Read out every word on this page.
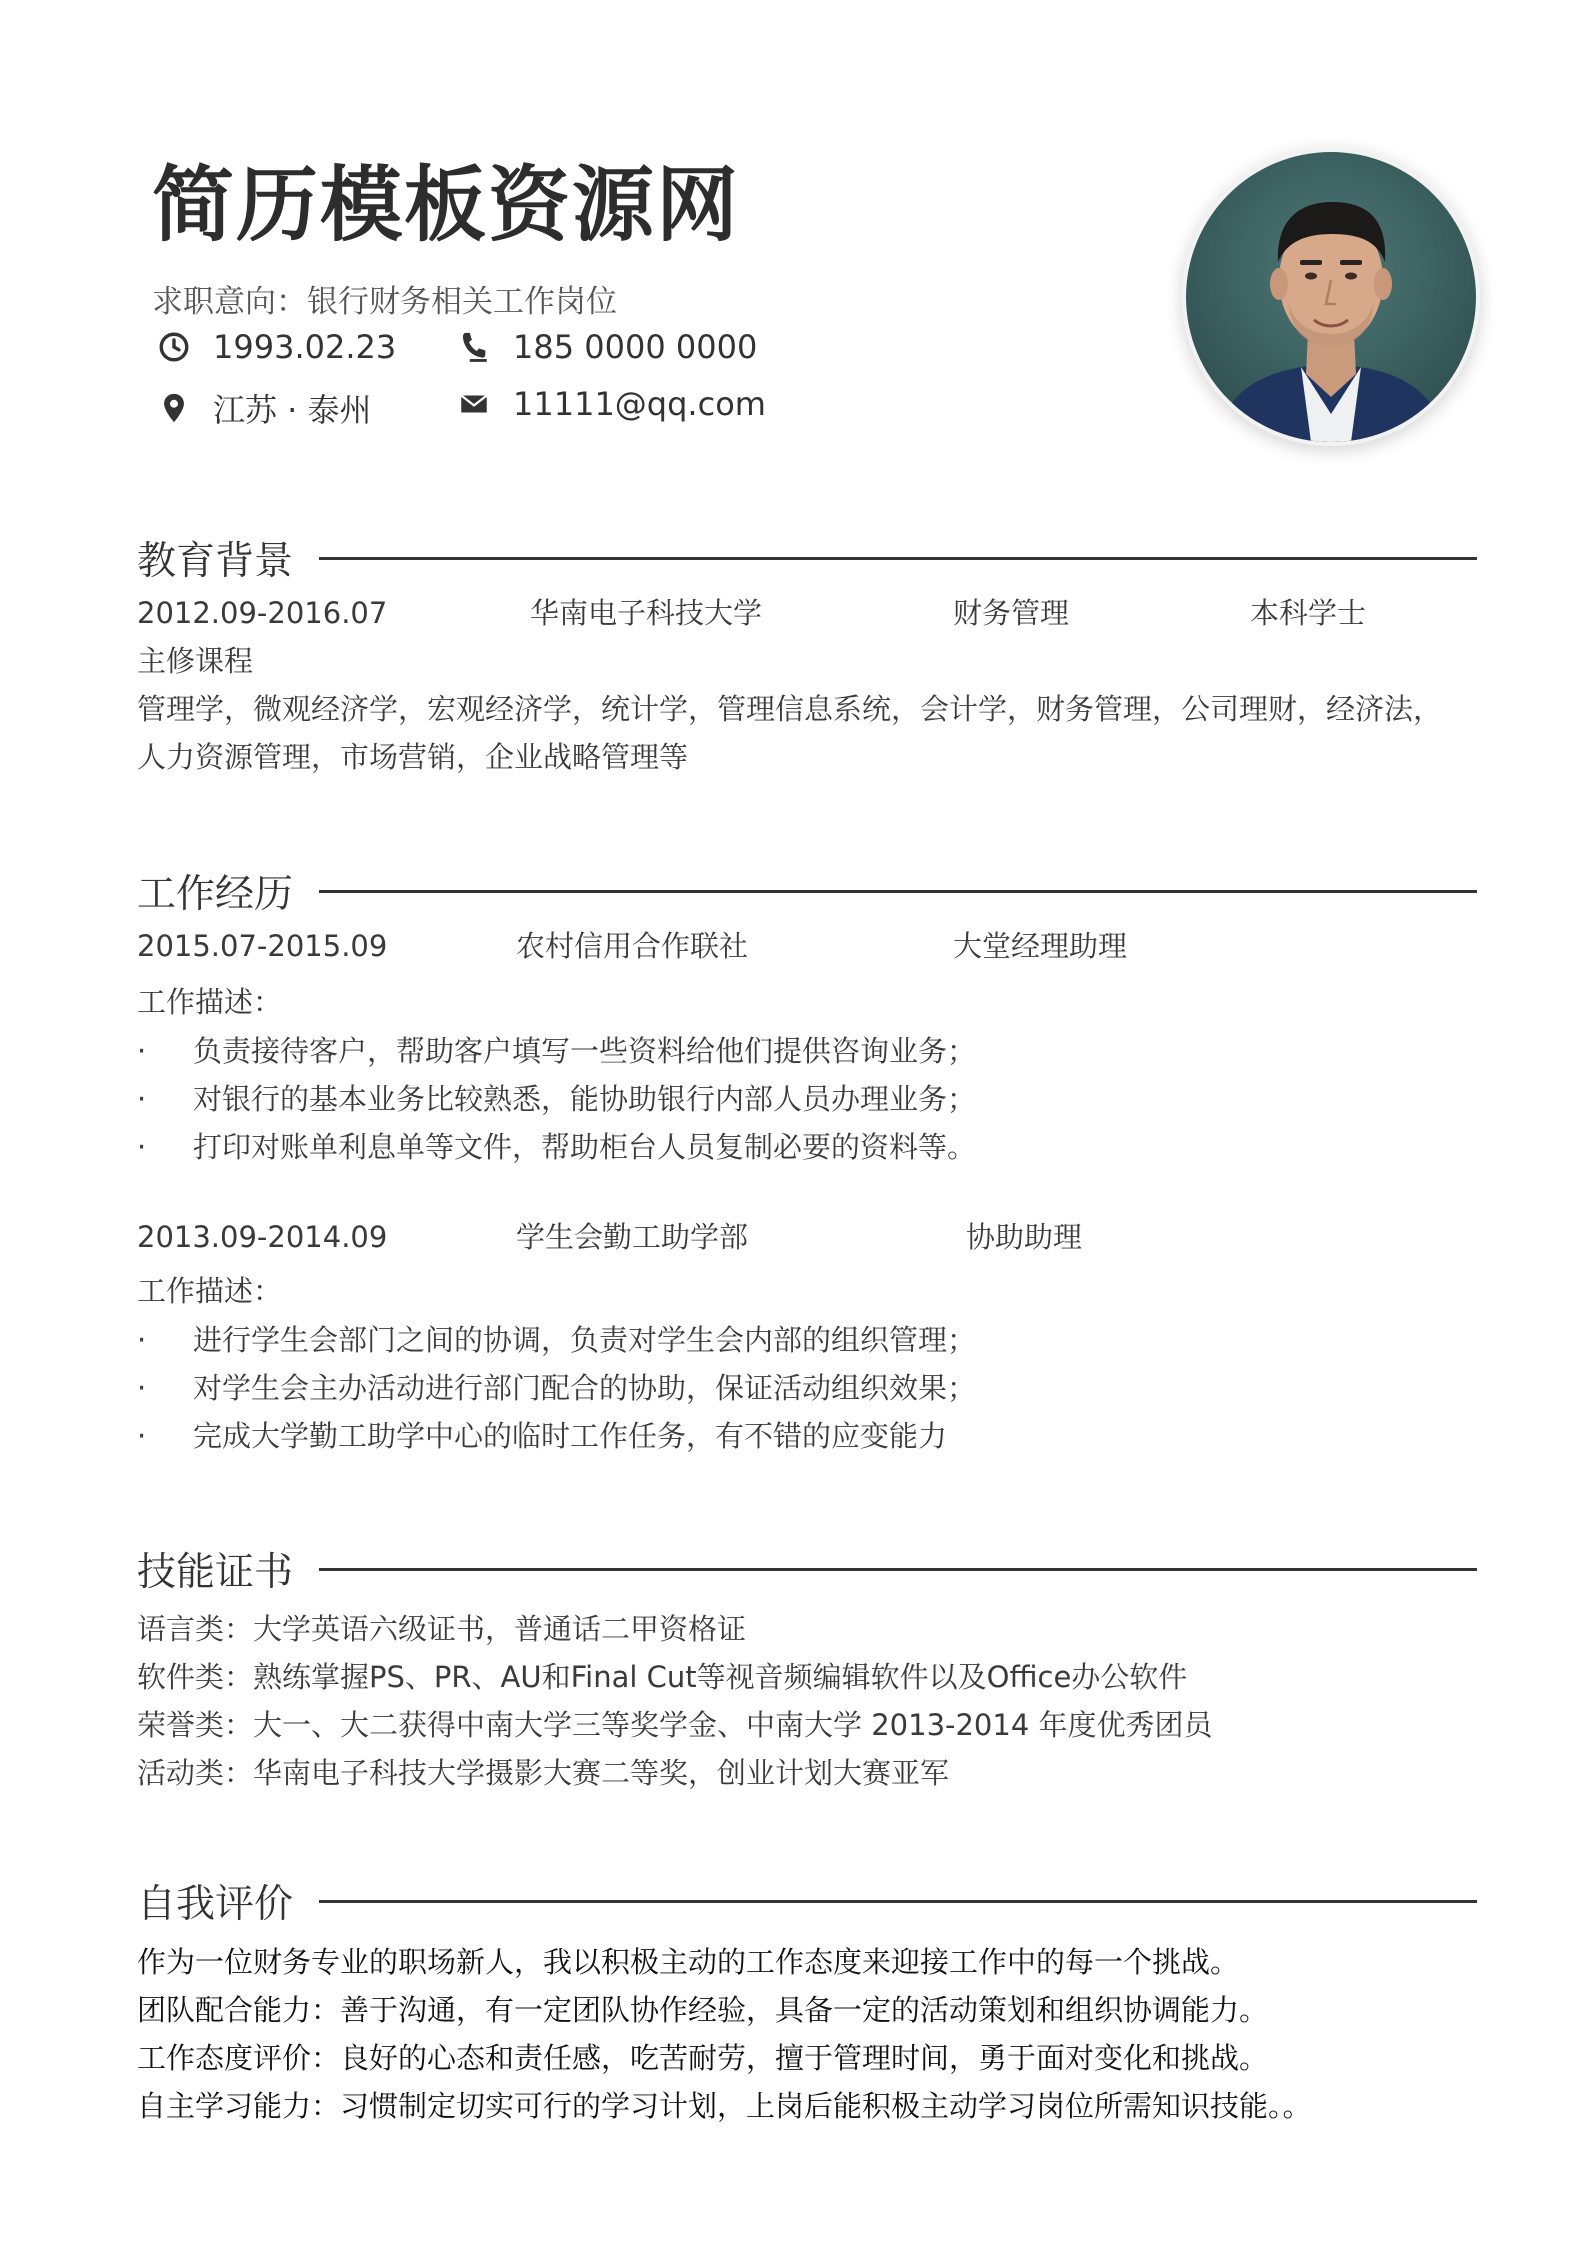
简历模板资源网
求职意向：银行财务相关工作岗位
1993.02.23	185 0000 0000
江苏 · 泰州	11111@qq.com
教育背景
2012.09-2016.07	华南电子科技大学	财务管理	本科学士
主修课程
管理学，微观经济学，宏观经济学，统计学，管理信息系统，会计学，财务管理，公司理财，经济法，
人力资源管理，市场营销，企业战略管理等
工作经历
2015.07-2015.09	农村信用合作联社	大堂经理助理
工作描述：
· 负责接待客户，帮助客户填写一些资料给他们提供咨询业务；
· 对银行的基本业务比较熟悉，能协助银行内部人员办理业务；
· 打印对账单利息单等文件，帮助柜台人员复制必要的资料等。
2013.09-2014.09	学生会勤工助学部	协助助理
工作描述：
· 进行学生会部门之间的协调，负责对学生会内部的组织管理；
· 对学生会主办活动进行部门配合的协助，保证活动组织效果；
· 完成大学勤工助学中心的临时工作任务，有不错的应变能力
技能证书
语言类：大学英语六级证书，普通话二甲资格证
软件类：熟练掌握PS、PR、AU和Final Cut等视音频编辑软件以及Office办公软件
荣誉类：大一、大二获得中南大学三等奖学金、中南大学 2013-2014 年度优秀团员
活动类：华南电子科技大学摄影大赛二等奖，创业计划大赛亚军
自我评价
作为一位财务专业的职场新人，我以积极主动的工作态度来迎接工作中的每一个挑战。
团队配合能力：善于沟通，有一定团队协作经验，具备一定的活动策划和组织协调能力。
工作态度评价：良好的心态和责任感，吃苦耐劳，擅于管理时间，勇于面对变化和挑战。
自主学习能力：习惯制定切实可行的学习计划，上岗后能积极主动学习岗位所需知识技能。。
